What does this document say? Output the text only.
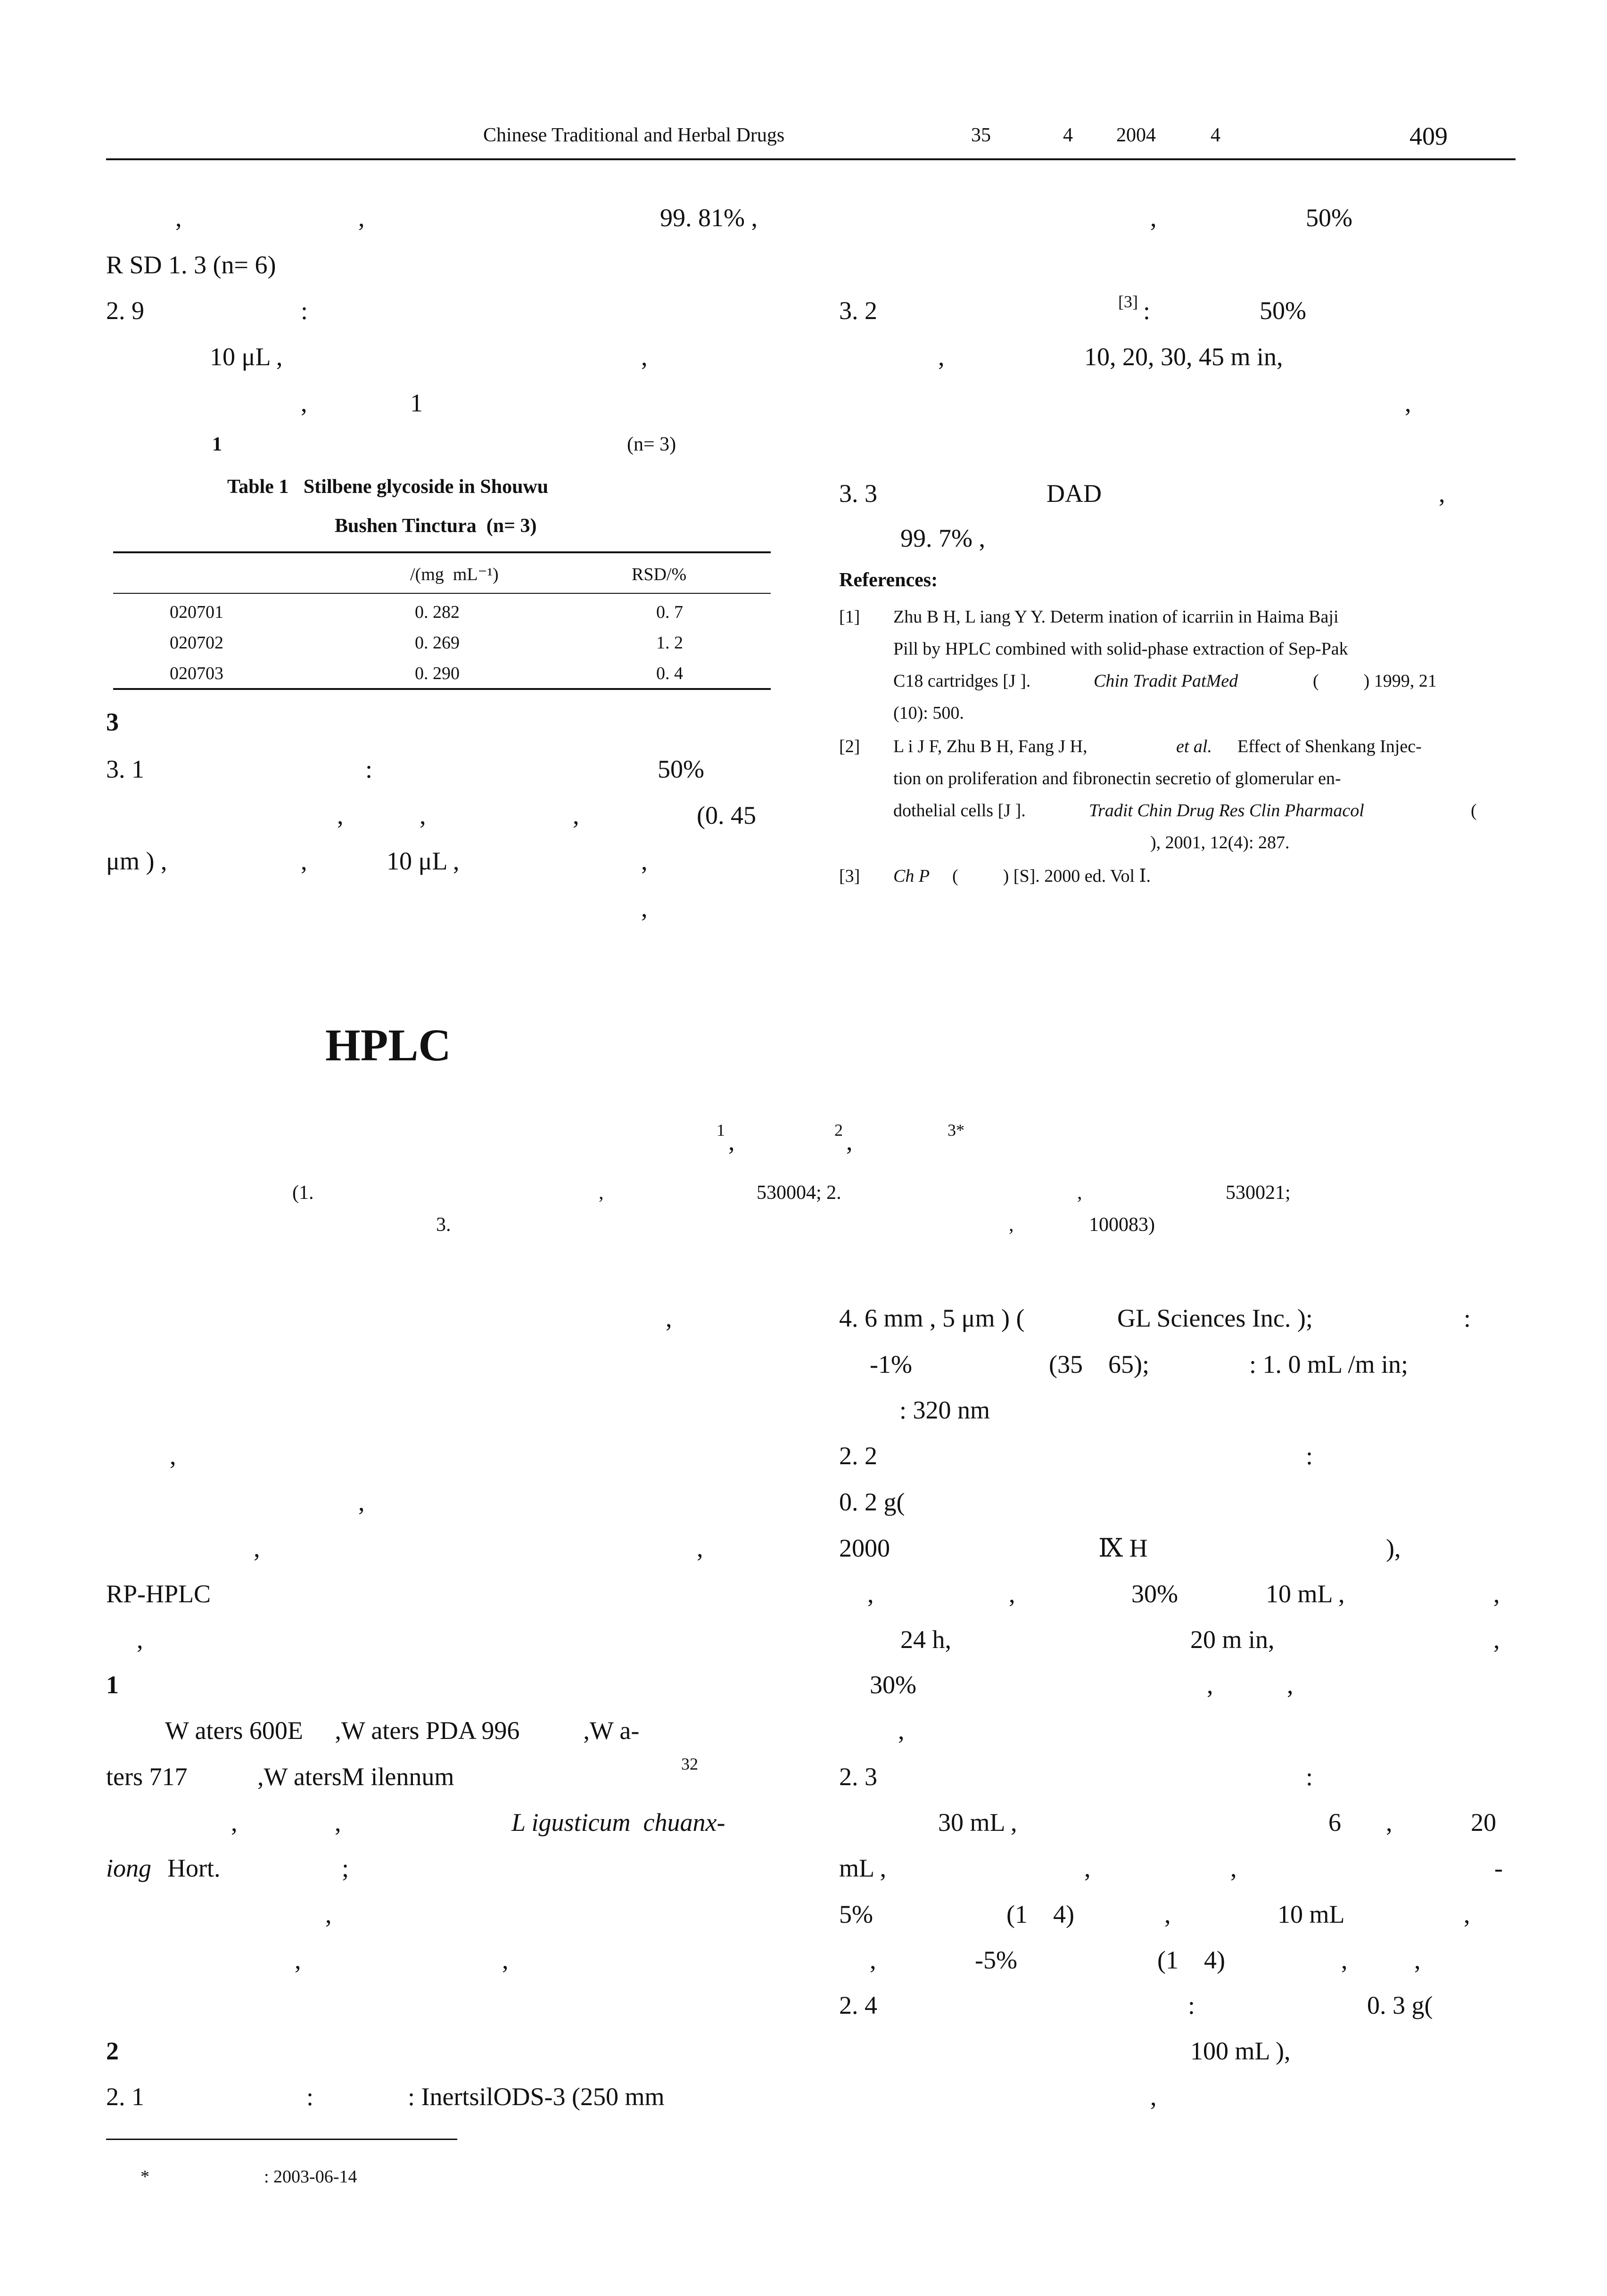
Chinese Traditional and Herbal Drugs	35	4 2004	4	409
,	,	99. 81% ,
R SD 1. 3 (n= 6)
2. 9	:
10 μL ,	,
,	1
1	(n= 3)
Table 1   Stilbene glycoside in Shouwu
Bushen Tinctura  (n= 3)
/(mg  mL⁻¹)	RSD/%
020701	0. 282	0. 7
020702	0. 269	1. 2
020703	0. 290	0. 4
3
3. 1	:	50%
,	,	,	(0. 45
μm ) ,	,	10 μL ,	,
,
,	50%
3. 2	[3] :	50%
,	10, 20, 30, 45 m in,
,
3. 3	DAD	,
99. 7% ,
References:
[1] Zhu B H, L iang Y Y. Determ ination of icarriin in Haima Baji
Pill by HPLC combined with solid-phase extraction of Sep-Pak
C18 cartridges [J ].	Chin Tradit PatMed	(          ) 1999, 21
(10): 500.
[2] L i J F, Zhu B H, Fang J H,	et al. Effect of Shenkang Injec-
tion on proliferation and fibronectin secretio of glomerular en-
dothelial cells [J ].	Tradit Chin Drug Res Clin Pharmacol	(
), 2001, 12(4): 287.
[3] Ch P (          ) [S]. 2000 ed. Vol Ⅰ.
HPLC
1 ,	2 ,	3*
(1.	,	530004; 2.	,	530021;
3.	,	100083)
,
,
,
,	,
RP-HPLC
,
1
W aters 600E     ,W aters PDA 996          ,W a-
ters 717           ,W atersM ilennum	32
,	,	L igusticum  chuanx-
iong Hort.	;
,
,	,
2
2. 1	:	: InertsilODS-3 (250 mm
*	: 2003-06-14
4. 6 mm , 5 μm ) (	GL Sciences Inc. );	:
-1%	(35    65);	: 1. 0 mL /m in;
: 320 nm
2. 2	:
0. 2 g(
2000	Ⅸ H	),
,	,	30%	10 mL ,	,
24 h,	20 m in,	,
30%	,	,
,
2. 3	:
30 mL ,	6 ,	20
mL ,	,	,	-
5%	(1    4)	,	10 mL	,
,	-5%	(1    4)	,	,
2. 4	:	0. 3 g(
100 mL ),
,
